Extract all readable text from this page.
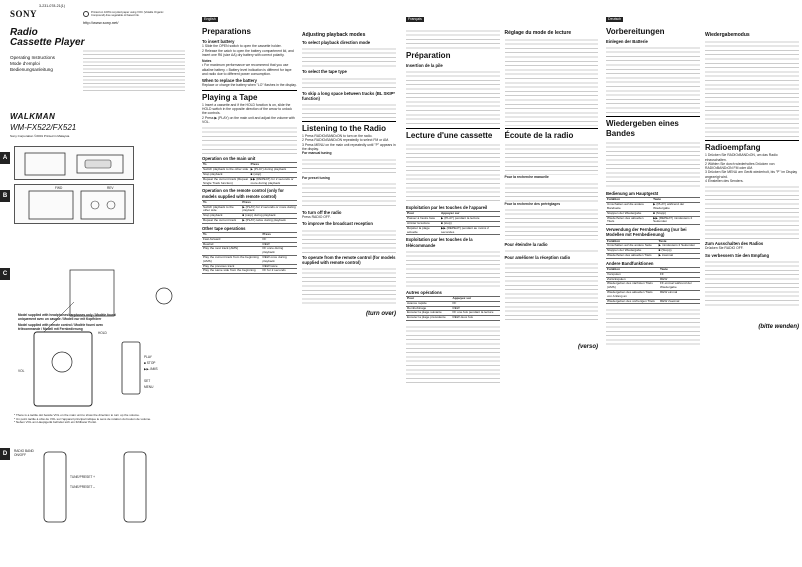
3-231-078-21(1)
SONY	Printed on 100% recycled paper using VOC (Volatile Organic Compound)-free vegetable oil based ink.
http://www.sony.net/
Radio
Cassette Player
Operating Instructions
Mode d'emploi
Bedienungsanleitung
WALKMAN
WM-FX522/FX521
Sony Corporation ©2001 Printed in Malaysia
A
B
FWD	REV
C
Model supplied with headphones/earphones only / Modèle fourni uniquement avec un casque / Modell nur mit Kopfhörer
Model supplied with remote control / Modèle fourni avec télécommande / Modell mit Fernbedienung
HOLD
VOL
PLAY
■ STOP
▶▶ /AMS
SET
MENU
* There is a tactile dot beside VOL on the main unit to show the direction to turn up the volume.
* Un point tactile à côté de VOL sur l'appareil principal indique le sens de rotation du bouton de volume.
* Neben VOL am Hauptgerät befindet sich ein fühlbarer Punkt.
D	RADIO BAND ON/OFF
TUNE/PRESET +
TUNE/PRESET –
English
Preparations
To insert battery
1 Slide the OPEN switch to open the cassette holder.
2 Release the catch to open the battery compartment lid, and insert one R6 (size AA) dry battery with correct polarity.
Notes
• For maximum performance we recommend that you use alkaline battery. • Battery level indication is different for tape and radio due to different power consumption.
When to replace the battery
Replace or charge the battery when "LO" flashes in the display.
Playing a Tape
1 Insert a cassette and if the HOLD function is on, slide the HOLD switch in the opposite direction of the arrow to unlock the controls.
2 Press ▶ (PLAY) on the main unit and adjust the volume with VOL.
Operation on the main unit
To	Press
Switch playback to the other side	▶ (PLAY) during playback
Stop playback	■ (stop)
Repeat the current track (Repeat Single Track function)	▶▶ (REPEAT) for 2 seconds or more during playback
Operation on the remote control (only for models supplied with remote control)
To	Press
Switch playback to the other side	▶ (PLAY) for 2 seconds or more during playback
Stop playback	■ (stop) during playback
Repeat the current track	▶ (PLAY) twice during playback
Other tape operations
To	Press
Fast-forward	FF
Rewind	REW
Play the next track (AMS)	FF once during playback
Play the current track from the beginning (AMS)	REW once during playback
Play the previous track	REW twice
Play the same side from the beginning	FF for 2 seconds
Adjusting playback modes
To select playback direction mode
To select the tape type
To skip a long space between tracks (BL SKIP* function)
Listening to the Radio
1 Press RADIO•BAND•ON to turn on the radio.
2 Press RADIO•BAND•ON repeatedly to select FM or AM.
3 Press MENU on the main unit repeatedly until "P" appears in the display.
For manual tuning
For preset tuning
To turn off the radio
Press RADIO OFF.
To improve the broadcast reception
To operate from the remote control (for models supplied with remote control)
(turn over)
Français
Préparation
Insertion de la pile
Lecture d'une cassette
Exploitation par les touches de l'appareil
Pour	Appuyez sur
Passer à l'autre face	▶ (PLAY) pendant la lecture
Arrêter la lecture	■ (stop)
Répéter la plage actuelle	▶▶ (REPEAT) pendant au moins 2 secondes
Exploitation par les touches de la télécommande
Autres opérations
Pour	Appuyez sur
Avance rapide	FF
Rembobinage	REW
Écouter la plage suivante	FF une fois pendant la lecture
Écouter la plage précédente	REW deux fois
Réglage du mode de lecture
Écoute de la radio
Pour la recherche manuelle
Pour la recherche des préréglages
Pour éteindre la radio
Pour améliorer la réception radio
(verso)
Deutsch
Vorbereitungen
Einlegen der Batterie
Wiedergeben eines Bandes
Bedienung am Hauptgerät
Funktion	Taste
Umschalten auf die andere Bandseite	▶ (PLAY) während der Wiedergabe
Stoppen der Wiedergabe	■ (Stopp)
Wiederholen des aktuellen Titels	▶▶ (REPEAT) mindestens 2 Sekunden
Verwendung der Fernbedienung (nur bei Modellen mit Fernbedienung)
Funktion	Taste
Umschalten auf die andere Seite	▶ mindestens 2 Sekunden
Stoppen der Wiedergabe	■ (Stopp)
Wiederholen des aktuellen Titels	▶ zweimal
Andere Bandfunktionen
Funktion	Taste
Vorspulen	FF
Zurückspulen	REW
Wiedergeben des nächsten Titels (AMS)	FF einmal während der Wiedergabe
Wiedergeben des aktuellen Titels von Anfang an	REW einmal
Wiedergeben des vorherigen Titels	REW zweimal
Wiedergabemodus
Radioempfang
1 Drücken Sie RADIO•BAND•ON, um das Radio einzuschalten.
2 Wählen Sie durch wiederholtes Drücken von RADIO•BAND•ON FM oder AM.
3 Drücken Sie MENU am Gerät wiederholt, bis "P" im Display angezeigt wird.
4 Einstellen des Senders.
Zum Ausschalten des Radios
Drücken Sie RADIO OFF.
So verbessern Sie den Empfang
(bitte wenden)
